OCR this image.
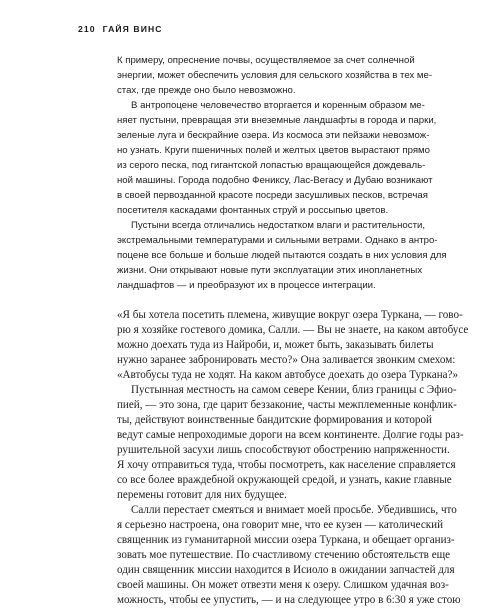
210 ГАЙЯ ВИНС

К примеру, опреснение почвы, осуществляемое за счет солнечной
энергии, может обеспечить условия для сельского хозяйства в тех ме-
стах, где прежде оно было невозможно.

В антропоцене человечество вторгается и коренным образом ме-
няет пустыни, превращая эти внеземные ландшафты в города и парки,
зеленые луга и бескрайние озера. Из космоса эти пейзажи невозмож-
но узнать. Круги пшеничных полей и желтых цветов вырастают прямо
из серого песка, под гигантской лопастью вращающейся дождеваль-
ной машины. Города подобно Фениксу, Лас-Вегасу и Дубаю возникают
в своей первозданной красоте посреди засушливых песков, встречая
посетителя каскадами фонтанных струй и россыпью цветов.

Пустыни всегда отличались недостатком влаги и растительности,
экстремальными температурами и сильными ветрами. Однако в антро-
поцене все больше и больше людей пытаются создать в них условия для
жизни. Они открывают новые пути эксплуатации этих инопланетных
ландшафтов — и преобразуют их в процессе интеграции.

«Я бы хотела посетить племена, живущие вокруг озера Туркана, — гово-
рю я хозяйке гостевого домика, Салли. — Вы не знаете, на каком автобусе
можно доехать туда из Найроби, и, может быть, заказывать билеты
нужно заранее забронировать место?» Она заливается звонким смехом:
«Автобусы туда не ходят. На каком автобусе доехать до озера Туркана?»

Пустынная местность на самом севере Кении, близ границы с Эфио-
пией, — это зона, где царит беззаконие, часты межплеменные конфлик-
ты, действуют воинственные бандитские формирования и которой
ведут самые непроходимые дороги на всем континенте. Долгие годы раз-
рушительной засухи лишь способствуют обострению напряженности.
Я хочу отправиться туда, чтобы посмотреть, как население справляется
со все более враждебной окружающей средой, и узнать, какие главные
перемены готовит для них будущее.

Салли перестает смеяться и внимает моей просьбе. Убедившись, что
я серьезно настроена, она говорит мне, что ее кузен — католический
священник из гуманитарной миссии озера Туркана, и обещает организ-
зовать мое путешествие. По счастливому стечению обстоятельств еще
один священник миссии находится в Исиоло в ожидании запчастей для
своей машины. Он может отвезти меня к озеру. Слишком удачная воз-
можность, чтобы ее упустить, — и на следующее утро в 6:30 я уже стою
